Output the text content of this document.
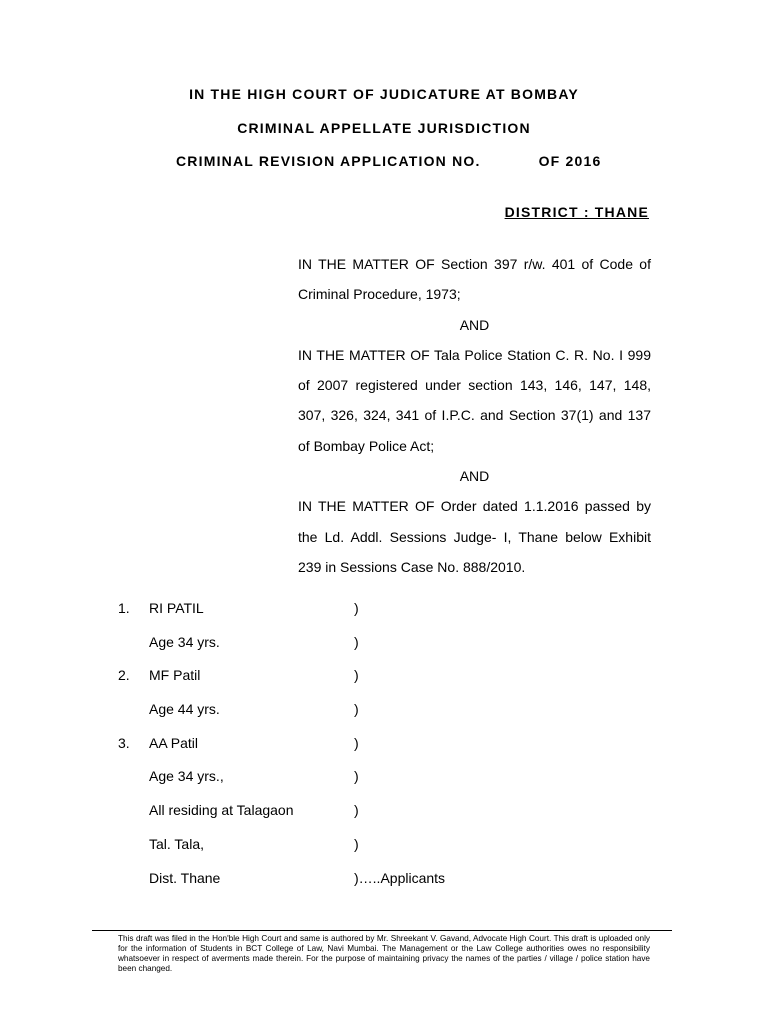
IN THE HIGH COURT OF JUDICATURE AT BOMBAY
CRIMINAL APPELLATE JURISDICTION
CRIMINAL REVISION APPLICATION NO.	OF 2016
DISTRICT : THANE

IN THE MATTER OF Section 397 r/w. 401 of Code of Criminal Procedure, 1973;

AND

IN THE MATTER OF Tala Police Station C. R. No. I 999 of 2007 registered under section 143, 146, 147, 148, 307, 326, 324, 341 of I.P.C. and Section 37(1) and 137 of Bombay Police Act;

AND

IN THE MATTER OF Order dated 1.1.2016 passed by the Ld. Addl. Sessions Judge- I, Thane below Exhibit 239 in Sessions Case No. 888/2010.

1. RI PATIL	)
Age 34 yrs.	)
2. MF Patil	)
Age 44 yrs.	)
3. AA Patil	)
Age 34 yrs.,	)
All residing at Talagaon	)
Tal. Tala,	)
Dist. Thane	)…..Applicants
This draft was filed in the Hon'ble High Court and same is authored by Mr. Shreekant V. Gavand, Advocate High Court. This draft is uploaded only for the information of Students in BCT College of Law, Navi Mumbai. The Management or the Law College authorities owes no responsibility whatsoever in respect of averments made therein. For the purpose of maintaining privacy the names of the parties / village / police station have been changed.
